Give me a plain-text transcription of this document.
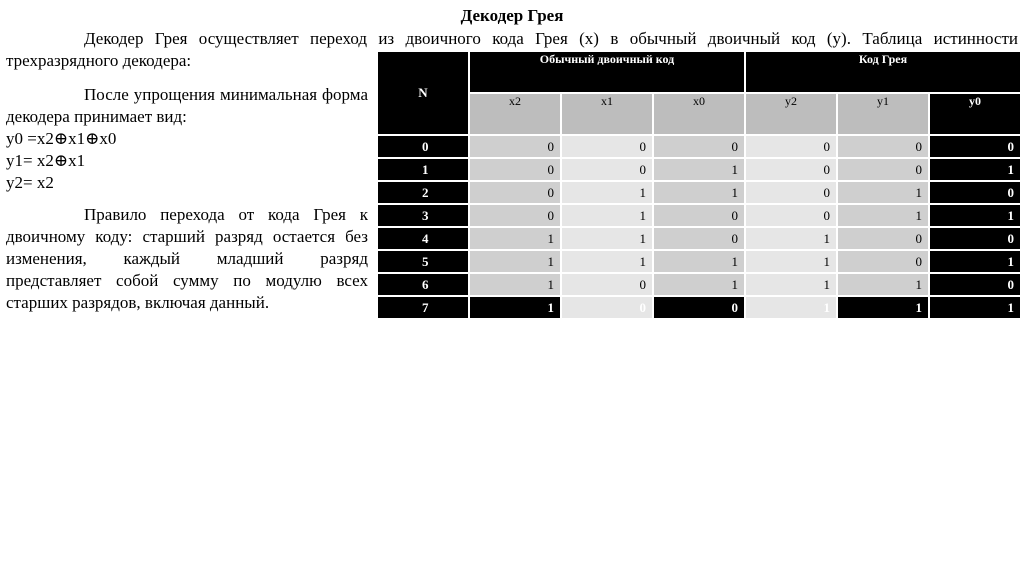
Декодер Грея

Декодер Грея осуществляет переход из двоичного кода Грея (x) в обычный двоичный код (y). Таблица истинности трехразрядного декодера:

После упрощения минимальная форма декодера принимает вид:

y0 =x2⊕x1⊕x0

y1= x2⊕x1

y2= x2

Правило перехода от кода Грея к двоичному коду: старший разряд остается без изменения, каждый младший разряд представляет собой сумму по модулю всех старших разрядов, включая данный.

N	Обычный двоичный код			Код Грея		
	x2	x1	x0	y2	y1	y0
0	0	0	0	0	0	0
1	0	0	1	0	0	1
2	0	1	1	0	1	0
3	0	1	0	0	1	1
4	1	1	0	1	0	0
5	1	1	1	1	0	1
6	1	0	1	1	1	0
7	1	0	0	1	1	1
